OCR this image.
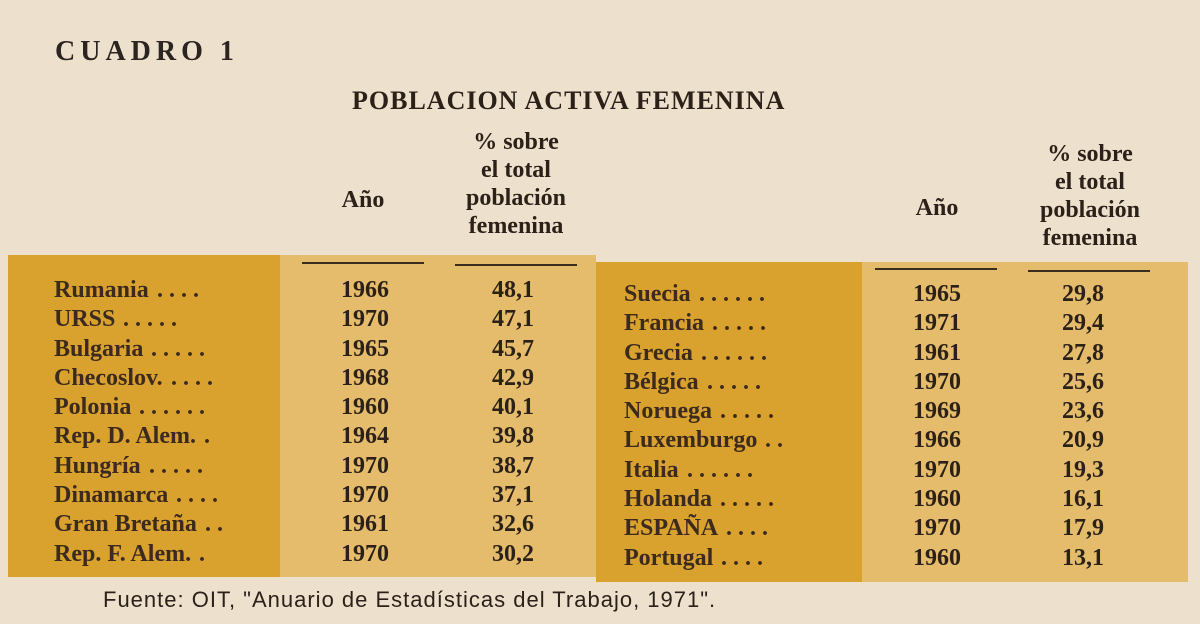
CUADRO 1
POBLACION ACTIVA FEMENINA
Año
% sobre
el total
población
femenina
Año
% sobre
el total
población
femenina
Rumania . . . .	1966	48,1
URSS . . . . .	1970	47,1
Bulgaria . . . . .	1965	45,7
Checoslov. . . . .	1968	42,9
Polonia . . . . . .	1960	40,1
Rep. D. Alem. .	1964	39,8
Hungría . . . . .	1970	38,7
Dinamarca . . . .	1970	37,1
Gran Bretaña . .	1961	32,6
Rep. F. Alem. .	1970	30,2
Suecia . . . . . .	1965	29,8
Francia . . . . .	1971	29,4
Grecia . . . . . .	1961	27,8
Bélgica . . . . .	1970	25,6
Noruega . . . . .	1969	23,6
Luxemburgo . .	1966	20,9
Italia . . . . . .	1970	19,3
Holanda . . . . .	1960	16,1
ESPAÑA . . . .	1970	17,9
Portugal . . . .	1960	13,1
Fuente: OIT, "Anuario de Estadísticas del Trabajo, 1971".
